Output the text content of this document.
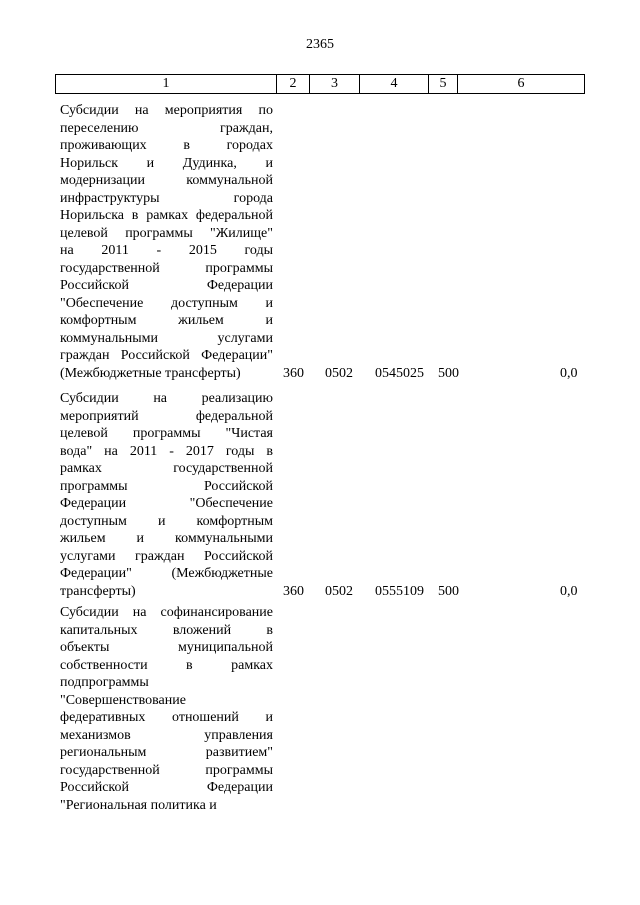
2365
1	2	3	4	5	6
Субсидии на мероприятия по
переселению граждан,
проживающих в городах
Норильск и Дудинка, и
модернизации коммунальной
инфраструктуры города
Норильска в рамках федеральной
целевой программы "Жилище"
на 2011 - 2015 годы
государственной программы
Российской Федерации
"Обеспечение доступным и
комфортным жильем и
коммунальными услугами
граждан Российской Федерации"
(Межбюджетные трансферты)	360 0502 0545025 500	0,0
Субсидии на реализацию
мероприятий федеральной
целевой программы "Чистая
вода" на 2011 - 2017 годы в
рамках государственной
программы Российской
Федерации "Обеспечение
доступным и комфортным
жильем и коммунальными
услугами граждан Российской
Федерации" (Межбюджетные
трансферты)	360 0502 0555109 500	0,0
Субсидии на софинансирование
капитальных вложений в
объекты муниципальной
собственности в рамках
подпрограммы
"Совершенствование
федеративных отношений и
механизмов управления
региональным развитием"
государственной программы
Российской Федерации
"Региональная политика и
